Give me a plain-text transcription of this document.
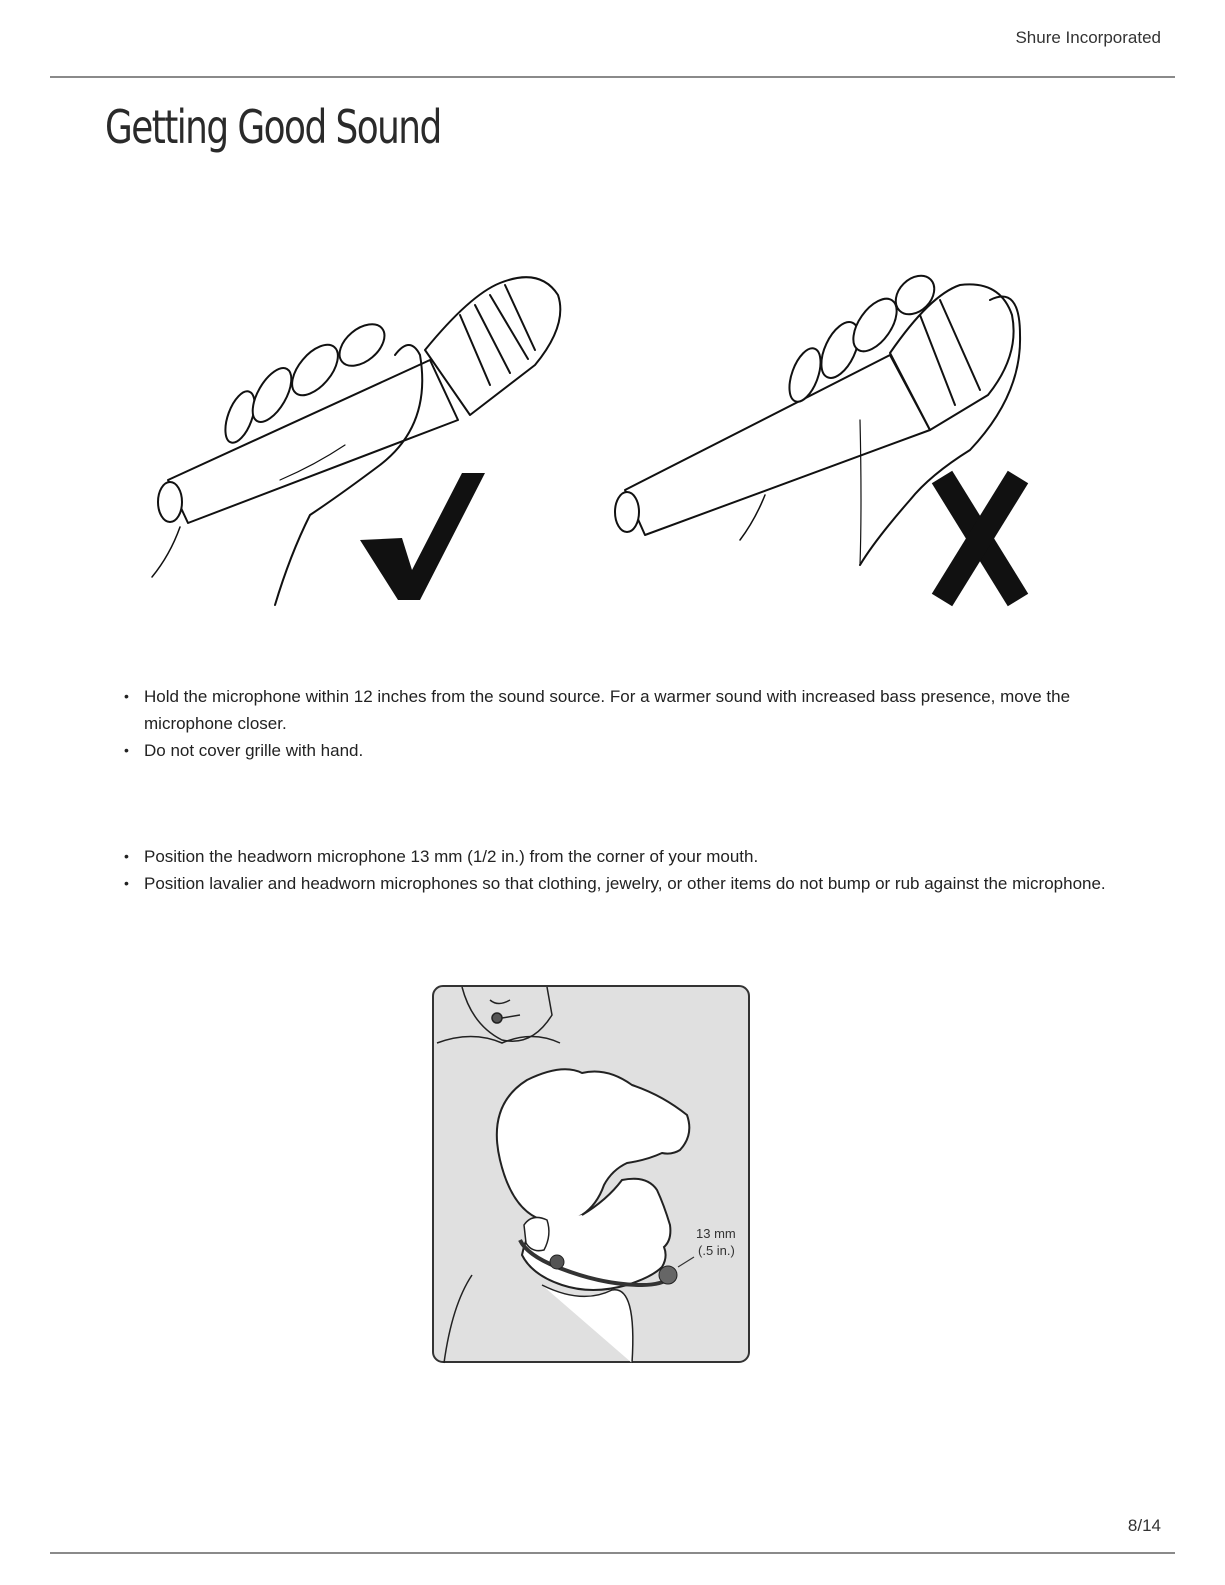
Shure Incorporated
Getting Good Sound
• Hold the microphone within 12 inches from the sound source. For a warmer sound with increased bass presence, move the microphone closer.
• Do not cover grille with hand.
• Position the headworn microphone 13 mm (1/2 in.) from the corner of your mouth.
• Position lavalier and headworn microphones so that clothing, jewelry, or other items do not bump or rub against the microphone.
13 mm
(.5 in.)
8/14
